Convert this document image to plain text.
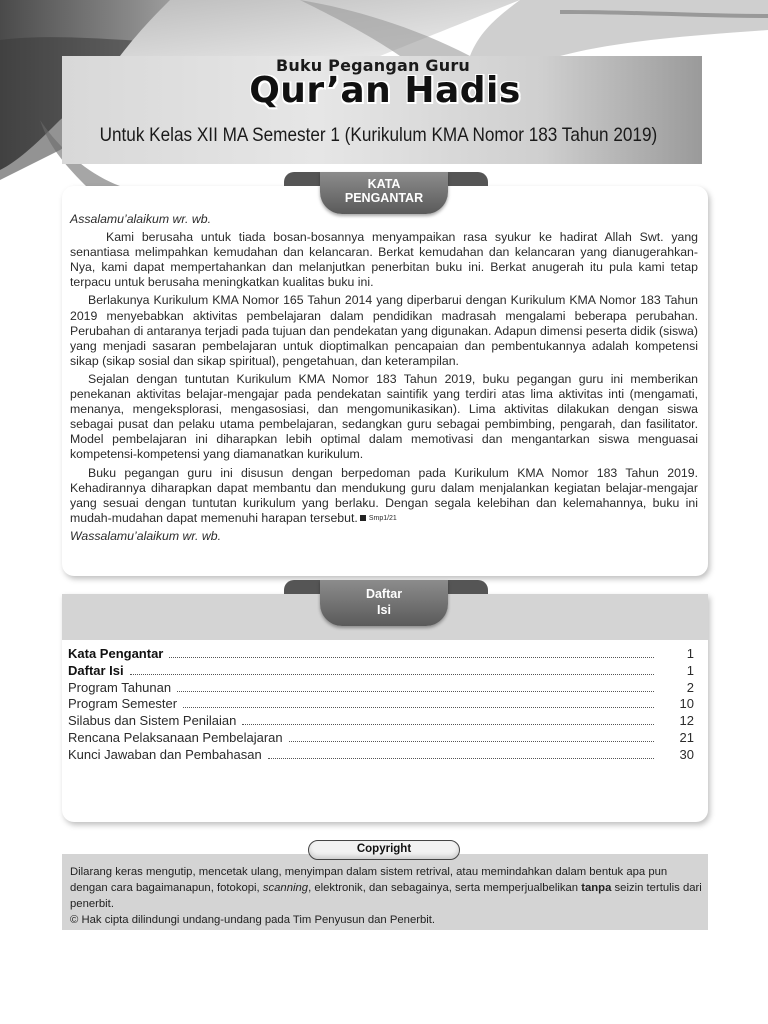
Buku Pegangan Guru
Qur’an Hadis
Untuk Kelas XII MA Semester 1 (Kurikulum KMA Nomor 183 Tahun 2019)
KATA
PENGANTAR

Assalamu’alaikum wr. wb.

Kami berusaha untuk tiada bosan-bosannya menyampaikan rasa syukur ke hadirat Allah Swt. yang senantiasa melimpahkan kemudahan dan kelancaran. Berkat kemudahan dan kelancaran yang dianugerahkan-Nya, kami dapat mempertahankan dan melanjutkan penerbitan buku ini. Berkat anugerah itu pula kami tetap terpacu untuk berusaha meningkatkan kualitas buku ini.

Berlakunya Kurikulum KMA Nomor 165 Tahun 2014 yang diperbarui dengan Kurikulum KMA Nomor 183 Tahun 2019 menyebabkan aktivitas pembelajaran dalam pendidikan madrasah mengalami beberapa perubahan. Perubahan di antaranya terjadi pada tujuan dan pendekatan yang digunakan. Adapun dimensi peserta didik (siswa) yang menjadi sasaran pembelajaran untuk dioptimalkan pencapaian dan pembentukannya adalah kompetensi sikap (sikap sosial dan sikap spiritual), pengetahuan, dan keterampilan.

Sejalan dengan tuntutan Kurikulum KMA Nomor 183 Tahun 2019, buku pegangan guru ini memberikan penekanan aktivitas belajar-mengajar pada pendekatan saintifik yang terdiri atas lima aktivitas inti (mengamati, menanya, mengeksplorasi, mengasosiasi, dan mengomunikasikan). Lima aktivitas dilakukan dengan siswa sebagai pusat dan pelaku utama pembelajaran, sedangkan guru sebagai pembimbing, pengarah, dan fasilitator. Model pembelajaran ini diharapkan lebih optimal dalam memotivasi dan mengantarkan siswa menguasai kompetensi-kompetensi yang diamanatkan kurikulum.

Buku pegangan guru ini disusun dengan berpedoman pada Kurikulum KMA Nomor 183 Tahun 2019. Kehadirannya diharapkan dapat membantu dan mendukung guru dalam menjalankan kegiatan belajar-mengajar yang sesuai dengan tuntutan kurikulum yang berlaku. Dengan segala kelebihan dan kelemahannya, buku ini mudah-mudahan dapat memenuhi harapan tersebut. Smp1/21

Wassalamu’alaikum wr. wb.

Daftar
Isi
Kata Pengantar	1
Daftar Isi	1
Program Tahunan	2
Program Semester	10
Silabus dan Sistem Penilaian	12
Rencana Pelaksanaan Pembelajaran	21
Kunci Jawaban dan Pembahasan	30
Copyright
Dilarang keras mengutip, mencetak ulang, menyimpan dalam sistem retrival, atau memindahkan dalam bentuk apa pun dengan cara bagaimanapun, fotokopi, scanning, elektronik, dan sebagainya, serta memperjualbelikan tanpa seizin tertulis dari penerbit.
© Hak cipta dilindungi undang-undang pada Tim Penyusun dan Penerbit.
